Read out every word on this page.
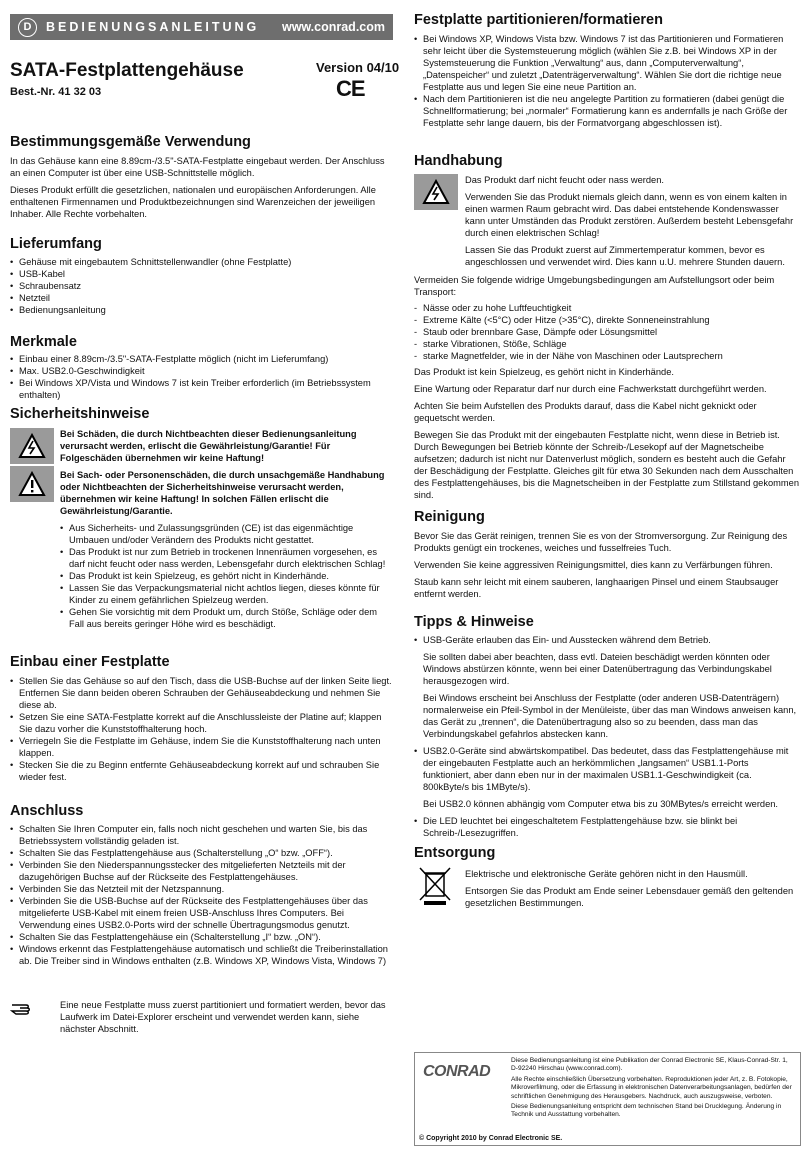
D	BEDIENUNGSANLEITUNG www.conrad.com
SATA-Festplattengehäuse
Best.-Nr. 41 32 03
Version 04/10
CE
Bestimmungsgemäße Verwendung

In das Gehäuse kann eine 8.89cm-/3.5"-SATA-Festplatte eingebaut werden. Der Anschluss an einen Computer ist über eine USB-Schnittstelle möglich.

Dieses Produkt erfüllt die gesetzlichen, nationalen und europäischen Anforderungen. Alle enthaltenen Firmennamen und Produktbezeichnungen sind Warenzeichen der jeweiligen Inhaber. Alle Rechte vorbehalten.

Lieferumfang
• Gehäuse mit eingebautem Schnittstellenwandler (ohne Festplatte)
• USB-Kabel
• Schraubensatz
• Netzteil
• Bedienungsanleitung
Merkmale
• Einbau einer 8.89cm-/3.5"-SATA-Festplatte möglich (nicht im Lieferumfang)
• Max. USB2.0-Geschwindigkeit
• Bei Windows XP/Vista und Windows 7 ist kein Treiber erforderlich (im Betriebssystem enthalten)
Sicherheitshinweise

Bei Schäden, die durch Nichtbeachten dieser Bedienungsanleitung verursacht werden, erlischt die Gewährleistung/Garantie! Für Folgeschäden übernehmen wir keine Haftung!

Bei Sach- oder Personenschäden, die durch unsachgemäße Handhabung oder Nichtbeachten der Sicherheitshinweise verursacht werden, übernehmen wir keine Haftung! In solchen Fällen erlischt die Gewährleistung/Garantie.

• Aus Sicherheits- und Zulassungsgründen (CE) ist das eigenmächtige Umbauen und/oder Verändern des Produkts nicht gestattet.
• Das Produkt ist nur zum Betrieb in trockenen Innenräumen vorgesehen, es darf nicht feucht oder nass werden, Lebensgefahr durch elektrischen Schlag!
• Das Produkt ist kein Spielzeug, es gehört nicht in Kinderhände.
• Lassen Sie das Verpackungsmaterial nicht achtlos liegen, dieses könnte für Kinder zu einem gefährlichen Spielzeug werden.
• Gehen Sie vorsichtig mit dem Produkt um, durch Stöße, Schläge oder dem Fall aus bereits geringer Höhe wird es beschädigt.
Einbau einer Festplatte
• Stellen Sie das Gehäuse so auf den Tisch, dass die USB-Buchse auf der linken Seite liegt. Entfernen Sie dann beiden oberen Schrauben der Gehäuseabdeckung und nehmen Sie diese ab.
• Setzen Sie eine SATA-Festplatte korrekt auf die Anschlussleiste der Platine auf; klappen Sie dazu vorher die Kunststoffhalterung hoch.
• Verriegeln Sie die Festplatte im Gehäuse, indem Sie die Kunststoffhalterung nach unten klappen.
• Stecken Sie die zu Beginn entfernte Gehäuseabdeckung korrekt auf und schrauben Sie wieder fest.
Anschluss
• Schalten Sie Ihren Computer ein, falls noch nicht geschehen und warten Sie, bis das Betriebssystem vollständig geladen ist.
• Schalten Sie das Festplattengehäuse aus (Schalterstellung „O“ bzw. „OFF“).
• Verbinden Sie den Niederspannungsstecker des mitgelieferten Netzteils mit der dazugehörigen Buchse auf der Rückseite des Festplattengehäuses.
• Verbinden Sie das Netzteil mit der Netzspannung.
• Verbinden Sie die USB-Buchse auf der Rückseite des Festplattengehäuses über das mitgelieferte USB-Kabel mit einem freien USB-Anschluss Ihres Computers. Bei Verwendung eines USB2.0-Ports wird der schnelle Übertragungsmodus genutzt.
• Schalten Sie das Festplattengehäuse ein (Schalterstellung „I“ bzw. „ON“).
• Windows erkennt das Festplattengehäuse automatisch und schließt die Treiberinstallation ab. Die Treiber sind in Windows enthalten (z.B. Windows XP, Windows Vista, Windows 7)

Eine neue Festplatte muss zuerst partitioniert und formatiert werden, bevor das Laufwerk im Datei-Explorer erscheint und verwendet werden kann, siehe nächster Abschnitt.

Festplatte partitionieren/formatieren
• Bei Windows XP, Windows Vista bzw. Windows 7 ist das Partitionieren und Formatieren sehr leicht über die Systemsteuerung möglich (wählen Sie z.B. bei Windows XP in der Systemsteuerung die Funktion „Verwaltung“ aus, dann „Computerverwaltung“, „Datenspeicher“ und zuletzt „Datenträgerverwaltung“. Wählen Sie dort die richtige neue Festplatte aus und legen Sie eine neue Partition an.
• Nach dem Partitionieren ist die neu angelegte Partition zu formatieren (dabei genügt die Schnellformatierung; bei „normaler“ Formatierung kann es andernfalls je nach Größe der Festplatte sehr lange dauern, bis der Formatvorgang abgeschlossen ist).
Handhabung

Das Produkt darf nicht feucht oder nass werden.

Verwenden Sie das Produkt niemals gleich dann, wenn es von einem kalten in einen warmen Raum gebracht wird. Das dabei entstehende Kondenswasser kann unter Umständen das Produkt zerstören. Außerdem besteht Lebensgefahr durch einen elektrischen Schlag!

Lassen Sie das Produkt zuerst auf Zimmertemperatur kommen, bevor es angeschlossen und verwendet wird. Dies kann u.U. mehrere Stunden dauern.

Vermeiden Sie folgende widrige Umgebungsbedingungen am Aufstellungsort oder beim Transport:

- Nässe oder zu hohe Luftfeuchtigkeit
- Extreme Kälte (<5°C) oder Hitze (>35°C), direkte Sonneneinstrahlung
- Staub oder brennbare Gase, Dämpfe oder Lösungsmittel
- starke Vibrationen, Stöße, Schläge
- starke Magnetfelder, wie in der Nähe von Maschinen oder Lautsprechern

Das Produkt ist kein Spielzeug, es gehört nicht in Kinderhände.

Eine Wartung oder Reparatur darf nur durch eine Fachwerkstatt durchgeführt werden.

Achten Sie beim Aufstellen des Produkts darauf, dass die Kabel nicht geknickt oder gequetscht werden.

Bewegen Sie das Produkt mit der eingebauten Festplatte nicht, wenn diese in Betrieb ist. Durch Bewegungen bei Betrieb könnte der Schreib-/Lesekopf auf der Magnetscheibe aufsetzen; dadurch ist nicht nur Datenverlust möglich, sondern es besteht auch die Gefahr der Beschädigung der Festplatte. Gleiches gilt für etwa 30 Sekunden nach dem Ausschalten des Festplattengehäuses, bis die Magnetscheiben in der Festplatte zum Stillstand gekommen sind.

Reinigung

Bevor Sie das Gerät reinigen, trennen Sie es von der Stromversorgung. Zur Reinigung des Produkts genügt ein trockenes, weiches und fusselfreies Tuch.

Verwenden Sie keine aggressiven Reinigungsmittel, dies kann zu Verfärbungen führen.

Staub kann sehr leicht mit einem sauberen, langhaarigen Pinsel und einem Staubsauger entfernt werden.

Tipps & Hinweise
• USB-Geräte erlauben das Ein- und Ausstecken während dem Betrieb.

Sie sollten dabei aber beachten, dass evtl. Dateien beschädigt werden könnten oder Windows abstürzen könnte, wenn bei einer Datenübertragung das Verbindungskabel herausgezogen wird.

Bei Windows erscheint bei Anschluss der Festplatte (oder anderen USB-Datenträgern) normalerweise ein Pfeil-Symbol in der Menüleiste, über das man Windows anweisen kann, das Gerät zu „trennen“, die Datenübertragung also so zu beenden, dass man das Verbindungskabel gefahrlos abstecken kann.

• USB2.0-Geräte sind abwärtskompatibel. Das bedeutet, dass das Festplattengehäuse mit der eingebauten Festplatte auch an herkömmlichen „langsamen“ USB1.1-Ports funktioniert, aber dann eben nur in der maximalen USB1.1-Geschwindigkeit (ca. 800kByte/s bis 1MByte/s).

Bei USB2.0 können abhängig vom Computer etwa bis zu 30MBytes/s erreicht werden.

• Die LED leuchtet bei eingeschaltetem Festplattengehäuse bzw. sie blinkt bei Schreib-/Lesezugriffen.
Entsorgung

Elektrische und elektronische Geräte gehören nicht in den Hausmüll.

Entsorgen Sie das Produkt am Ende seiner Lebensdauer gemäß den geltenden gesetzlichen Bestimmungen.

CONRAD

Diese Bedienungsanleitung ist eine Publikation der Conrad Electronic SE, Klaus-Conrad-Str. 1, D-92240 Hirschau (www.conrad.com).

Alle Rechte einschließlich Übersetzung vorbehalten. Reproduktionen jeder Art, z. B. Fotokopie, Mikroverfilmung, oder die Erfassung in elektronischen Datenverarbeitungsanlagen, bedürfen der schriftlichen Genehmigung des Herausgebers. Nachdruck, auch auszugsweise, verboten.

Diese Bedienungsanleitung entspricht dem technischen Stand bei Drucklegung. Änderung in Technik und Ausstattung vorbehalten.

© Copyright 2010 by Conrad Electronic SE.
